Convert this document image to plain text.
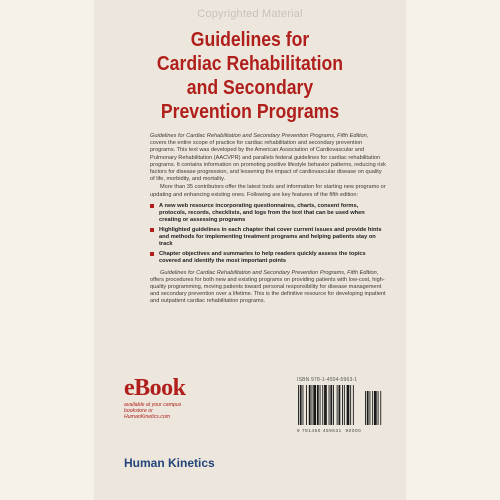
Copyrighted Material
Guidelines for
Cardiac Rehabilitation
and Secondary
Prevention Programs

Guidelines for Cardiac Rehabilitation and Secondary Prevention Programs, Fifth Edition, covers the entire scope of practice for cardiac rehabilitation and secondary prevention programs. This text was developed by the American Association of Cardiovascular and Pulmonary Rehabilitation (AACVPR) and parallels federal guidelines for cardiac rehabilitation programs. It contains information on promoting positive lifestyle behavior patterns, reducing risk factors for disease progression, and lessening the impact of cardiovascular disease on quality of life, morbidity, and mortality.

More than 35 contributors offer the latest tools and information for starting new programs or updating and enhancing existing ones. Following are key features of the fifth edition:

A new web resource incorporating questionnaires, charts, consent forms, protocols, records, checklists, and logs from the text that can be used when creating or assessing programs
Highlighted guidelines in each chapter that cover current issues and provide hints and methods for implementing treatment programs and helping patients stay on track
Chapter objectives and summaries to help readers quickly assess the topics covered and identify the most important points

Guidelines for Cardiac Rehabilitation and Secondary Prevention Programs, Fifth Edition, offers procedures for both new and existing programs on providing patients with low-cost, high-quality programming, moving patients toward personal responsibility for disease management and secondary prevention over a lifetime. This is the definitive resource for developing inpatient and outpatient cardiac rehabilitation programs.

eBook
available at your campus bookstore or HumanKinetics.com
Human Kinetics
ISBN 978-1-4504-5963-1
9 781450 459631 90000
